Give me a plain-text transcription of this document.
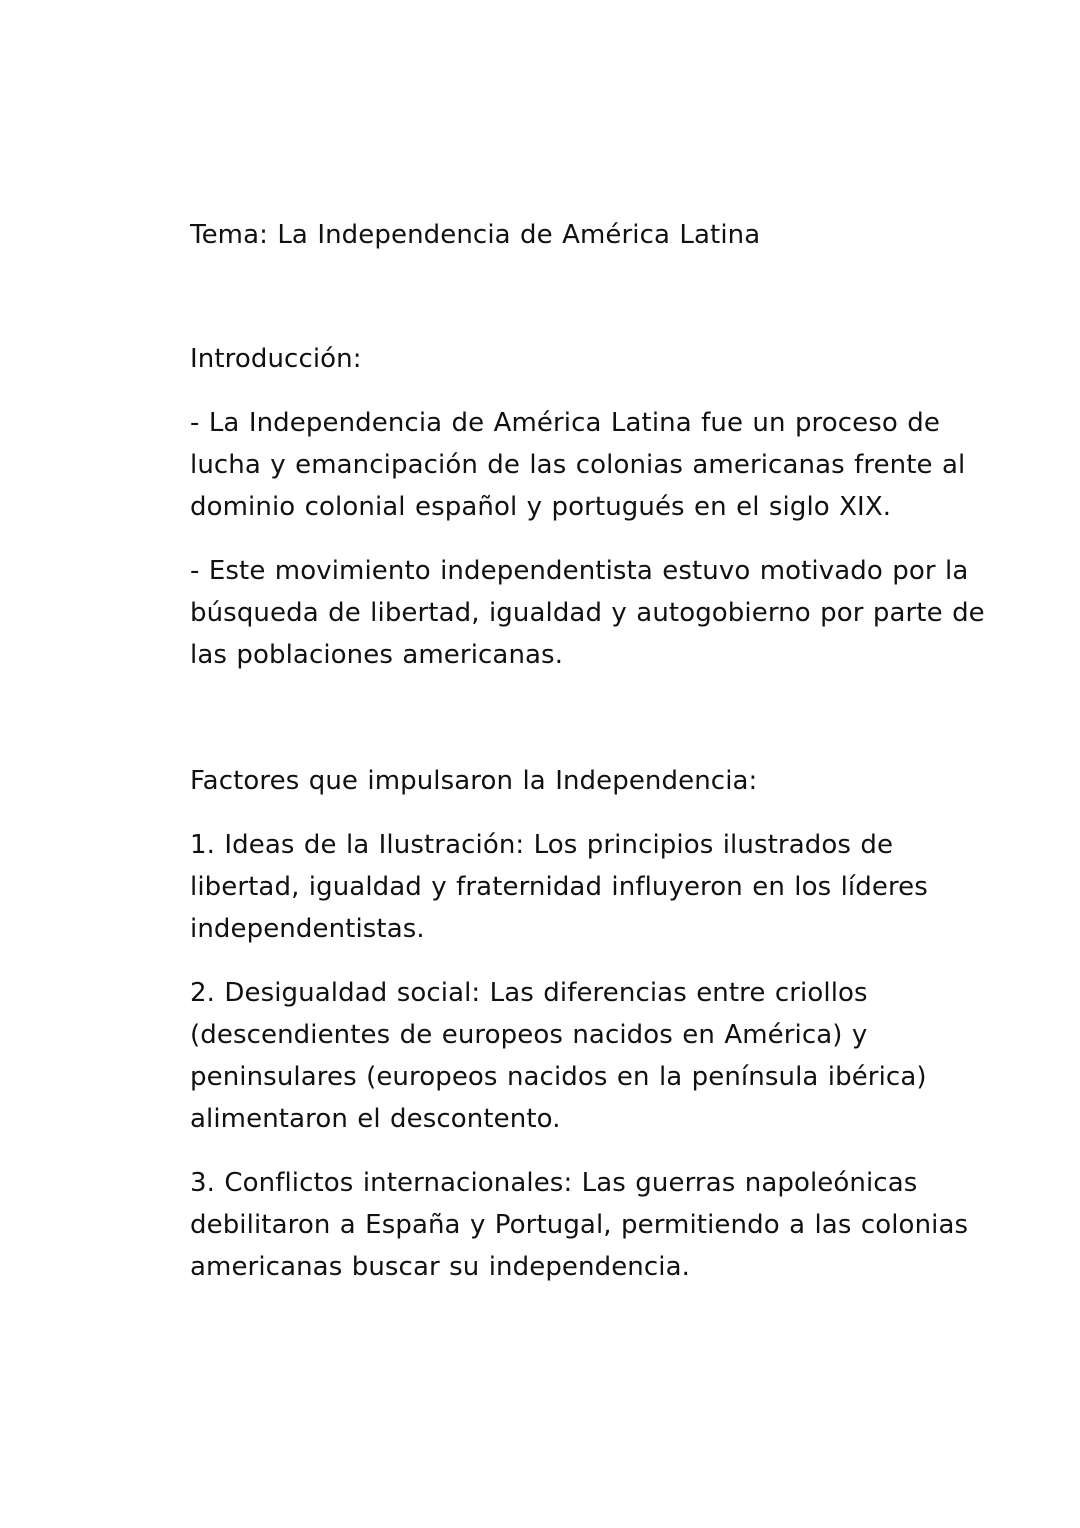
Tema: La Independencia de América Latina

Introducción:

- La Independencia de América Latina fue un proceso de
lucha y emancipación de las colonias americanas frente al
dominio colonial español y portugués en el siglo XIX.

- Este movimiento independentista estuvo motivado por la
búsqueda de libertad, igualdad y autogobierno por parte de
las poblaciones americanas.

Factores que impulsaron la Independencia:

1. Ideas de la Ilustración: Los principios ilustrados de
libertad, igualdad y fraternidad influyeron en los líderes
independentistas.

2. Desigualdad social: Las diferencias entre criollos
(descendientes de europeos nacidos en América) y
peninsulares (europeos nacidos en la península ibérica)
alimentaron el descontento.

3. Conflictos internacionales: Las guerras napoleónicas
debilitaron a España y Portugal, permitiendo a las colonias
americanas buscar su independencia.
